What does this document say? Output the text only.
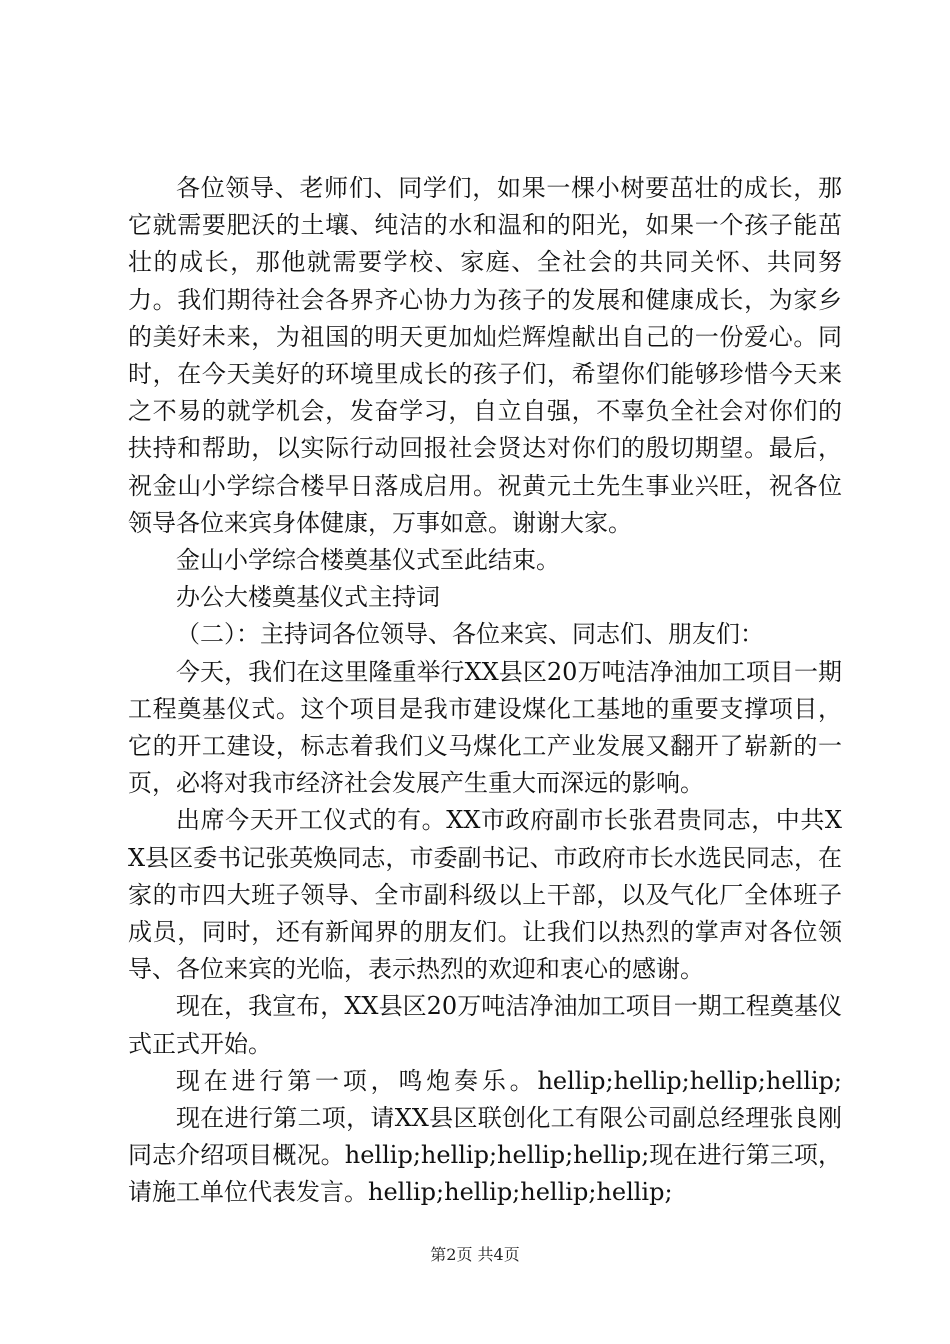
各位领导、老师们、同学们，如果一棵小树要茁壮的成长，那它就需要肥沃的土壤、纯洁的水和温和的阳光，如果一个孩子能茁壮的成长，那他就需要学校、家庭、全社会的共同关怀、共同努力。我们期待社会各界齐心协力为孩子的发展和健康成长，为家乡的美好未来，为祖国的明天更加灿烂辉煌献出自己的一份爱心。同时，在今天美好的环境里成长的孩子们，希望你们能够珍惜今天来之不易的就学机会，发奋学习，自立自强，不辜负全社会对你们的扶持和帮助，以实际行动回报社会贤达对你们的殷切期望。最后，祝金山小学综合楼早日落成启用。祝黄元土先生事业兴旺，祝各位领导各位来宾身体健康，万事如意。谢谢大家。

金山小学综合楼奠基仪式至此结束。

办公大楼奠基仪式主持词

（二）：主持词各位领导、各位来宾、同志们、朋友们：

今天，我们在这里隆重举行XX县区20万吨洁净油加工项目一期工程奠基仪式。这个项目是我市建设煤化工基地的重要支撑项目，它的开工建设，标志着我们义马煤化工产业发展又翻开了崭新的一页，必将对我市经济社会发展产生重大而深远的影响。

出席今天开工仪式的有。XX市政府副市长张君贵同志，中共XX县区委书记张英焕同志，市委副书记、市政府市长水选民同志，在家的市四大班子领导、全市副科级以上干部，以及气化厂全体班子成员，同时，还有新闻界的朋友们。让我们以热烈的掌声对各位领导、各位来宾的光临，表示热烈的欢迎和衷心的感谢。

现在，我宣布，XX县区20万吨洁净油加工项目一期工程奠基仪式正式开始。

现在进行第一项，鸣炮奏乐。hellip;hellip;hellip;hellip;

现在进行第二项，请XX县区联创化工有限公司副总经理张良刚同志介绍项目概况。hellip;hellip;hellip;hellip;现在进行第三项，请施工单位代表发言。hellip;hellip;hellip;hellip;

第2页 共4页
